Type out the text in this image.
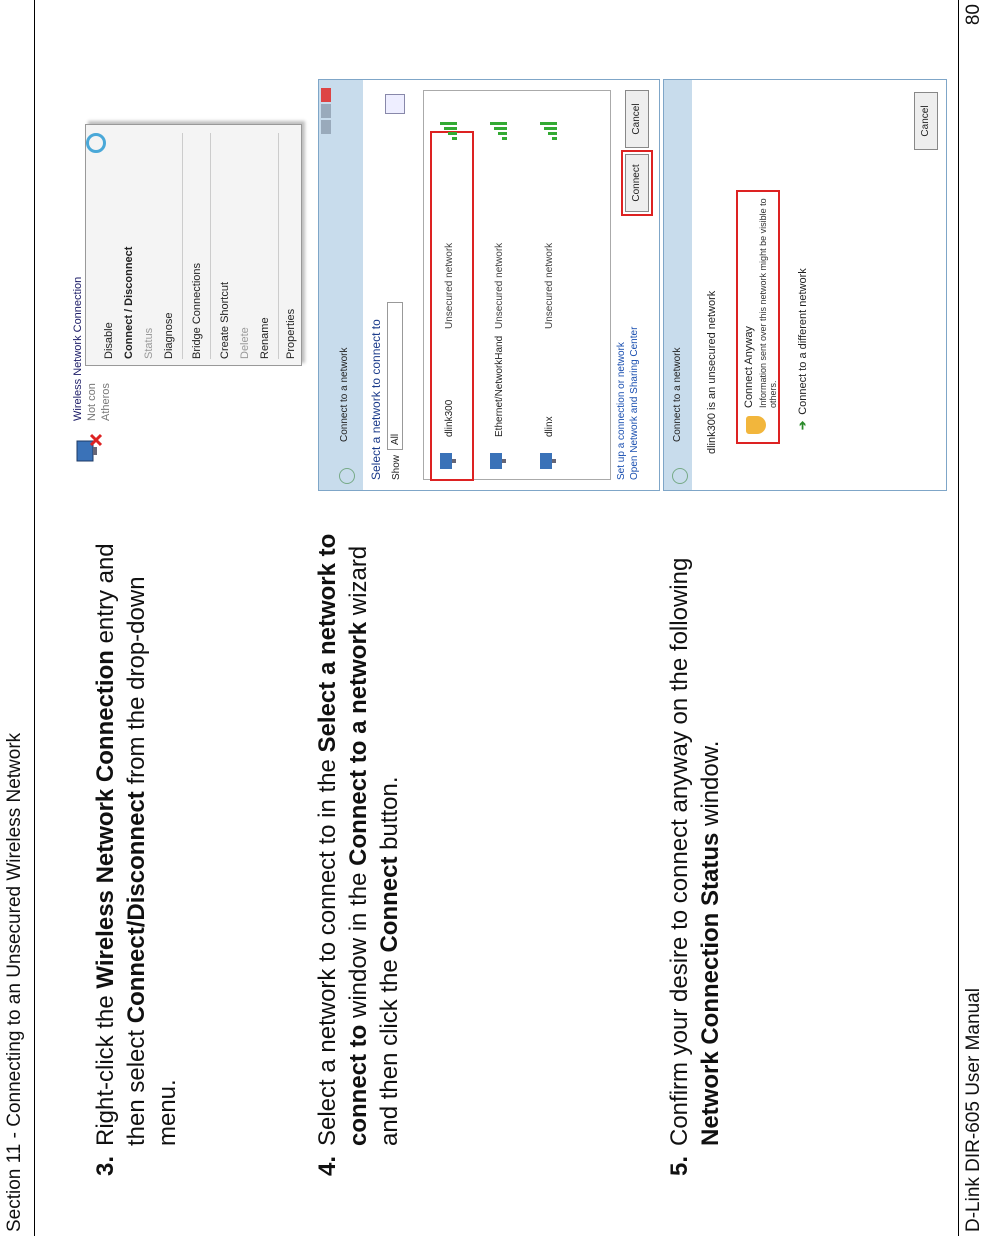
Section 11 - Connecting to an Unsecured Wireless Network	3.
Right-click the Wireless Network Connection entry and then select Connect/Disconnect from the drop-down menu.
4.
Select a network to connect to in the Select a network to connect to window in the Connect to a network wizard and then click the Connect button.
5.
Confirm your desire to connect anyway on the following Network Connection Status window.
Wireless Network Connection Not con Atheros
Disable Connect / Disconnect Status Diagnose Bridge Connections Create Shortcut Delete Rename Properties
Connect to a network Select a network to connect to Show
All
dlink300
Unsecured network
Ethernet/NetworkHand
Unsecured network
dlinx
Unsecured network
Set up a connection or network Open Network and Sharing Center
Connect
Cancel
Connect to a network dlink300 is an unsecured network Connect Anyway Information sent over this network might be visible to others.
➔Connect to a different network
Cancel
D-Link DIR-605 User Manual
80
